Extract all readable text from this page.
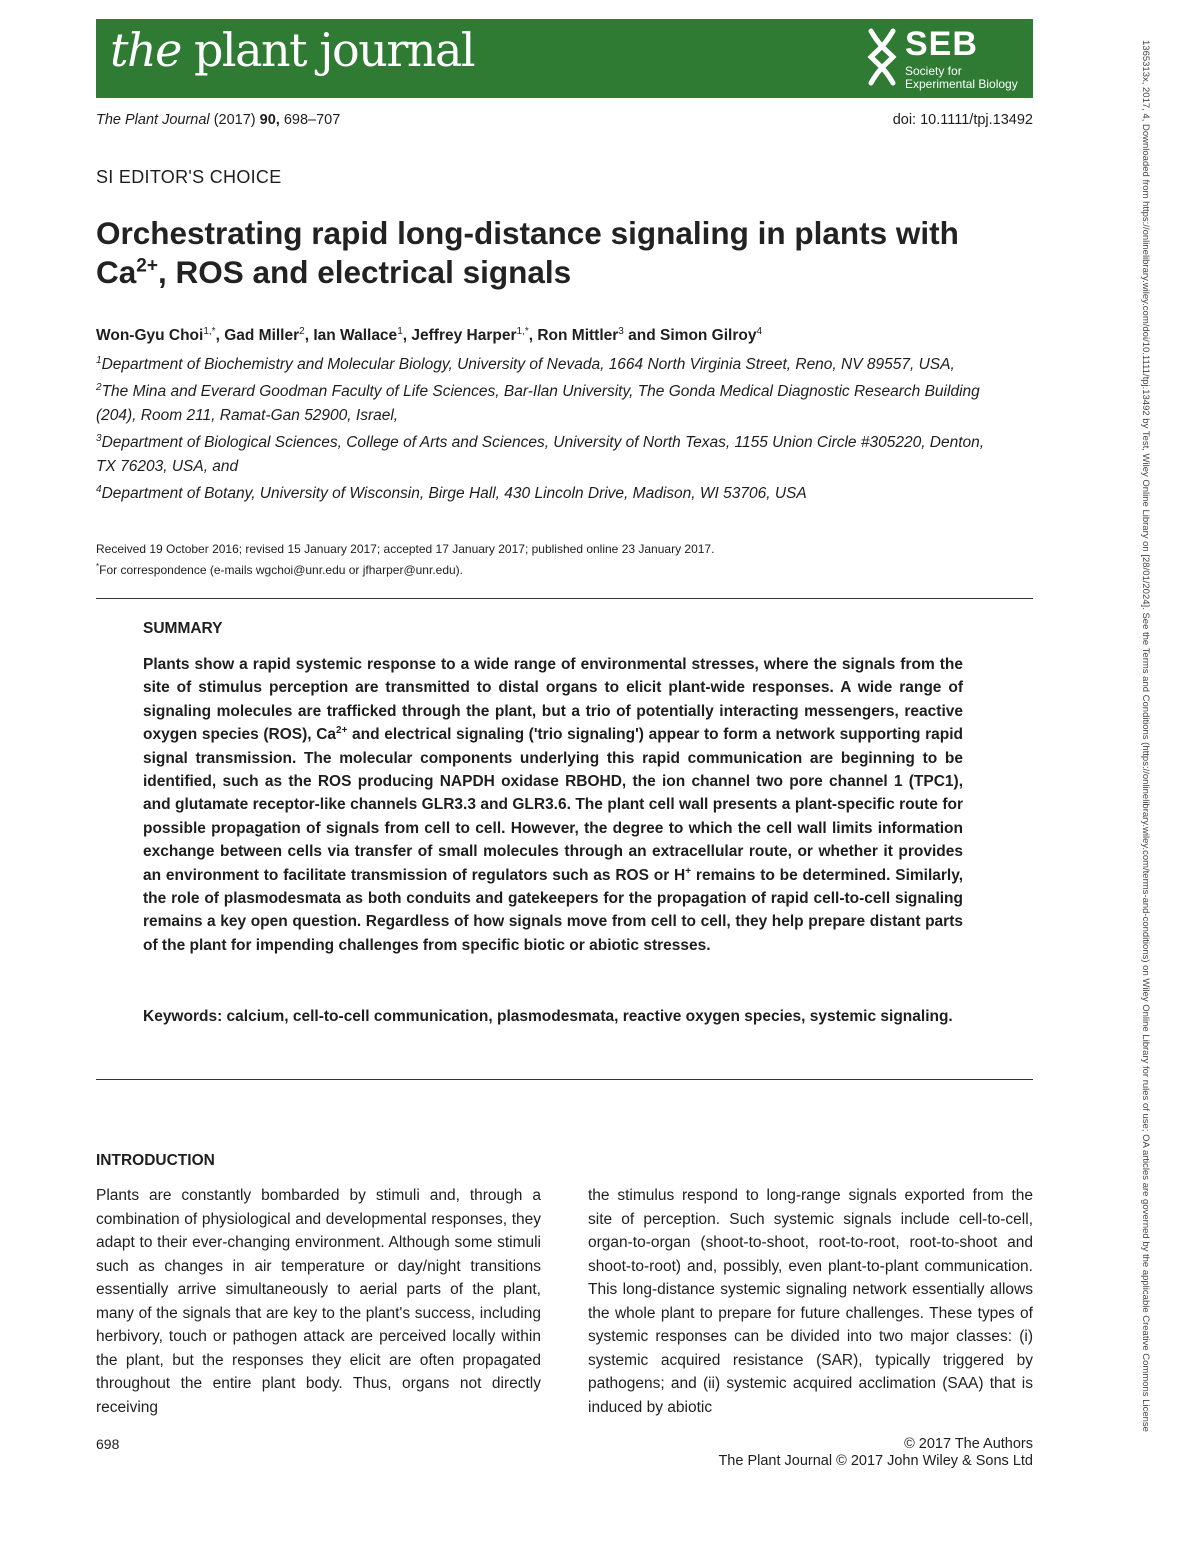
the plant journal	SEB
Society for
Experimental Biology
The Plant Journal (2017) 90, 698–707	doi: 10.1111/tpj.13492
SI EDITOR'S CHOICE
Orchestrating rapid long-distance signaling in plants with
$Ca^{2+}$, ROS and electrical signals
Won-Gyu Choi$^{1,*}$, Gad Miller$^2$, Ian Wallace$^1$, Jeffrey Harper$^{1,*}$, Ron Mittler$^3$ and Simon Gilroy$^4$

$^1$Department of Biochemistry and Molecular Biology, University of Nevada, 1664 North Virginia Street, Reno, NV 89557, USA,

$^2$The Mina and Everard Goodman Faculty of Life Sciences, Bar-Ilan University, The Gonda Medical Diagnostic Research Building (204), Room 211, Ramat-Gan 52900, Israel,

$^3$Department of Biological Sciences, College of Arts and Sciences, University of North Texas, 1155 Union Circle #305220, Denton, TX 76203, USA, and

$^4$Department of Botany, University of Wisconsin, Birge Hall, 430 Lincoln Drive, Madison, WI 53706, USA

Received 19 October 2016; revised 15 January 2017; accepted 17 January 2017; published online 23 January 2017.
*For correspondence (e-mails wgchoi@unr.edu or jfharper@unr.edu).
SUMMARY
Plants show a rapid systemic response to a wide range of environmental stresses, where the signals from the site of stimulus perception are transmitted to distal organs to elicit plant-wide responses. A wide range of signaling molecules are trafficked through the plant, but a trio of potentially interacting messengers, reactive oxygen species (ROS), $Ca^{2+}$ and electrical signaling ('trio signaling') appear to form a network supporting rapid signal transmission. The molecular components underlying this rapid communication are beginning to be identified, such as the ROS producing NAPDH oxidase RBOHD, the ion channel two pore channel 1 (TPC1), and glutamate receptor-like channels GLR3.3 and GLR3.6. The plant cell wall presents a plant-specific route for possible propagation of signals from cell to cell. However, the degree to which the cell wall limits information exchange between cells via transfer of small molecules through an extracellular route, or whether it provides an environment to facilitate transmission of regulators such as ROS or H+ remains to be determined. Similarly, the role of plasmodesmata as both conduits and gatekeepers for the propagation of rapid cell-to-cell signaling remains a key open question. Regardless of how signals move from cell to cell, they help prepare distant parts of the plant for impending challenges from specific biotic or abiotic stresses.
Keywords: calcium, cell-to-cell communication, plasmodesmata, reactive oxygen species, systemic signaling.
INTRODUCTION
Plants are constantly bombarded by stimuli and, through a combination of physiological and developmental responses, they adapt to their ever-changing environment. Although some stimuli such as changes in air temperature or day/night transitions essentially arrive simultaneously to aerial parts of the plant, many of the signals that are key to the plant's success, including herbivory, touch or pathogen attack are perceived locally within the plant, but the responses they elicit are often propagated throughout the entire plant body. Thus, organs not directly receiving
the stimulus respond to long-range signals exported from the site of perception. Such systemic signals include cell-to-cell, organ-to-organ (shoot-to-shoot, root-to-root, root-to-shoot and shoot-to-root) and, possibly, even plant-to-plant communication. This long-distance systemic signaling network essentially allows the whole plant to prepare for future challenges. These types of systemic responses can be divided into two major classes: (i) systemic acquired resistance (SAR), typically triggered by pathogens; and (ii) systemic acquired acclimation (SAA) that is induced by abiotic
698	© 2017 The Authors
The Plant Journal © 2017 John Wiley & Sons Ltd
1365313x, 2017, 4, Downloaded from https://onlinelibrary.wiley.com/doi/10.1111/tpj.13492 by Test, Wiley Online Library on [28/01/2024]. See the Terms and Conditions (https://onlinelibrary.wiley.com/terms-and-conditions) on Wiley Online Library for rules of use; OA articles are governed by the applicable Creative Commons License
